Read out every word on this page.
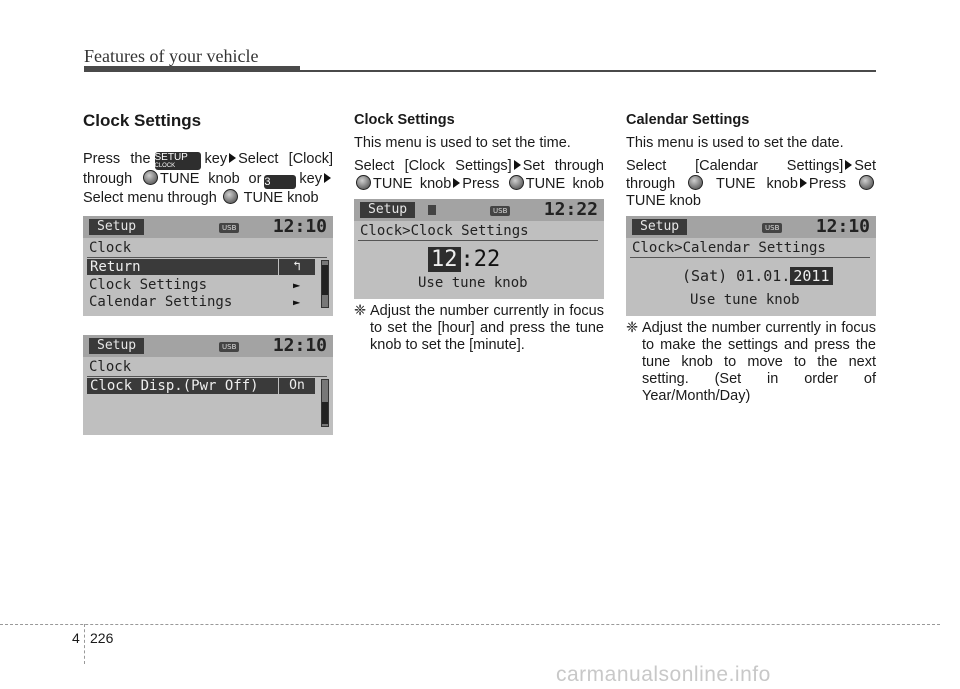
Features of your vehicle

Clock Settings

Press the SETUP
CLOCK	key Select [Clock]

through TUNE knob or 3 key

Select menu through TUNE knob

Setup	USB 12:10
Clock
Return	↰
Clock Settings	►
Calendar Settings	►
Setup	USB 12:10
Clock
Clock Disp.(Pwr Off)	On

Clock Settings

This menu is used to set the time.

Select [Clock Settings] Set through

TUNE knob Press TUNE knob

Setup	USB 12:22
Clock>Clock Settings
12 :22
Use tune knob

❈ Adjust the number currently in focus to set the [hour] and press the tune knob to set the [minute].

Calendar Settings

This menu is used to set the date.

Select [Calendar Settings] Set

through	TUNE knob Press

TUNE knob

Setup	USB 12:10
Clock>Calendar Settings
(Sat) 01.01. 2011
Use tune knob

❈ Adjust the number currently in focus to make the settings and press the tune knob to move to the next setting. (Set in order of Year/Month/Day)

4 226
carmanualsonline.info
